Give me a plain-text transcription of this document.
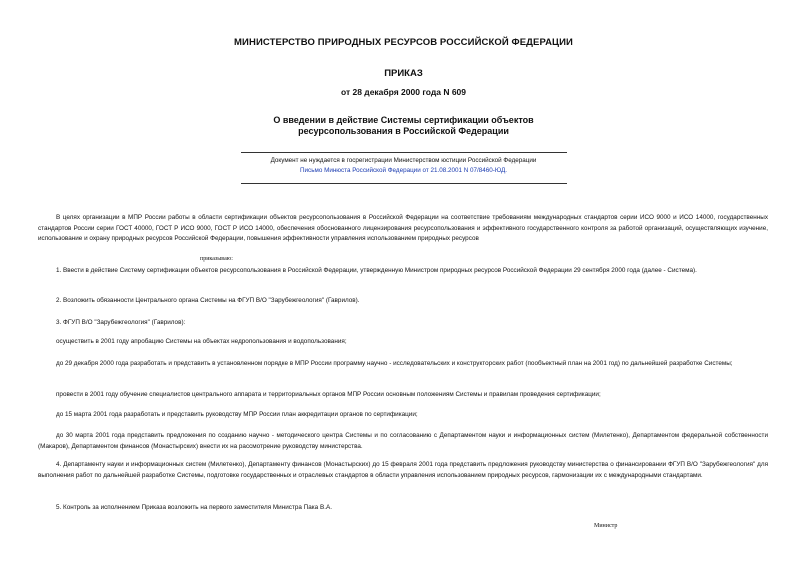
МИНИСТЕРСТВО ПРИРОДНЫХ РЕСУРСОВ РОССИЙСКОЙ ФЕДЕРАЦИИ
ПРИКАЗ
от 28 декабря 2000 года N 609
О введении в действие Системы сертификации объектов
ресурсопользования в Российской Федерации
Документ не нуждается в госрегистрации Министерством юстиции Российской Федерации
Письмо Минюста Российской Федерации от 21.08.2001 N 07/8460-ЮД.
В целях организации в МПР России работы в области сертификации объектов ресурсопользования в Российской Федерации на соответствие требованиям международных стандартов серии ИСО 9000 и ИСО 14000, государственных стандартов России серии ГОСТ 40000, ГОСТ Р ИСО 9000, ГОСТ Р ИСО 14000, обеспечения обоснованного лицензирования ресурсопользования и эффективного государственного контроля за работой организаций, осуществляющих изучение, использование и охрану природных ресурсов Российской Федерации, повышения эффективности управления использованием природных ресурсов
приказываю:
1. Ввести в действие Систему сертификации объектов ресурсопользования в Российской Федерации, утвержденную Министром природных ресурсов Российской Федерации 29 сентября 2000 года (далее - Система).
2. Возложить обязанности Центрального органа Системы на ФГУП В/О "Зарубежгеология" (Гаврилов).
3. ФГУП В/О "Зарубежгеология" (Гаврилов):
осуществить в 2001 году апробацию Системы на объектах недропользования и водопользования;
до 29 декабря 2000 года разработать и представить в установленном порядке в МПР России программу научно - исследовательских и конструкторских работ (пообъектный план на 2001 год) по дальнейшей разработке Системы;
провести в 2001 году обучение специалистов центрального аппарата и территориальных органов МПР России основным положениям Системы и правилам проведения сертификации;
до 15 марта 2001 года разработать и представить руководству МПР России план аккредитации органов по сертификации;
до 30 марта 2001 года представить предложения по созданию научно - методического центра Системы и по согласованию с Департаментом науки и информационных систем (Милетенко), Департаментом федеральной собственности (Макаров), Департаментом финансов (Монастырских) внести их на рассмотрение руководству министерства.
4. Департаменту науки и информационных систем (Милетенко), Департаменту финансов (Монастырских) до 15 февраля 2001 года представить предложения руководству министерства о финансировании ФГУП В/О "Зарубежгеология" для выполнения работ по дальнейшей разработке Системы, подготовке государственных и отраслевых стандартов в области управления использованием природных ресурсов, гармонизации их с международными стандартами.
5. Контроль за исполнением Приказа возложить на первого заместителя Министра Пака В.А.
Министр
